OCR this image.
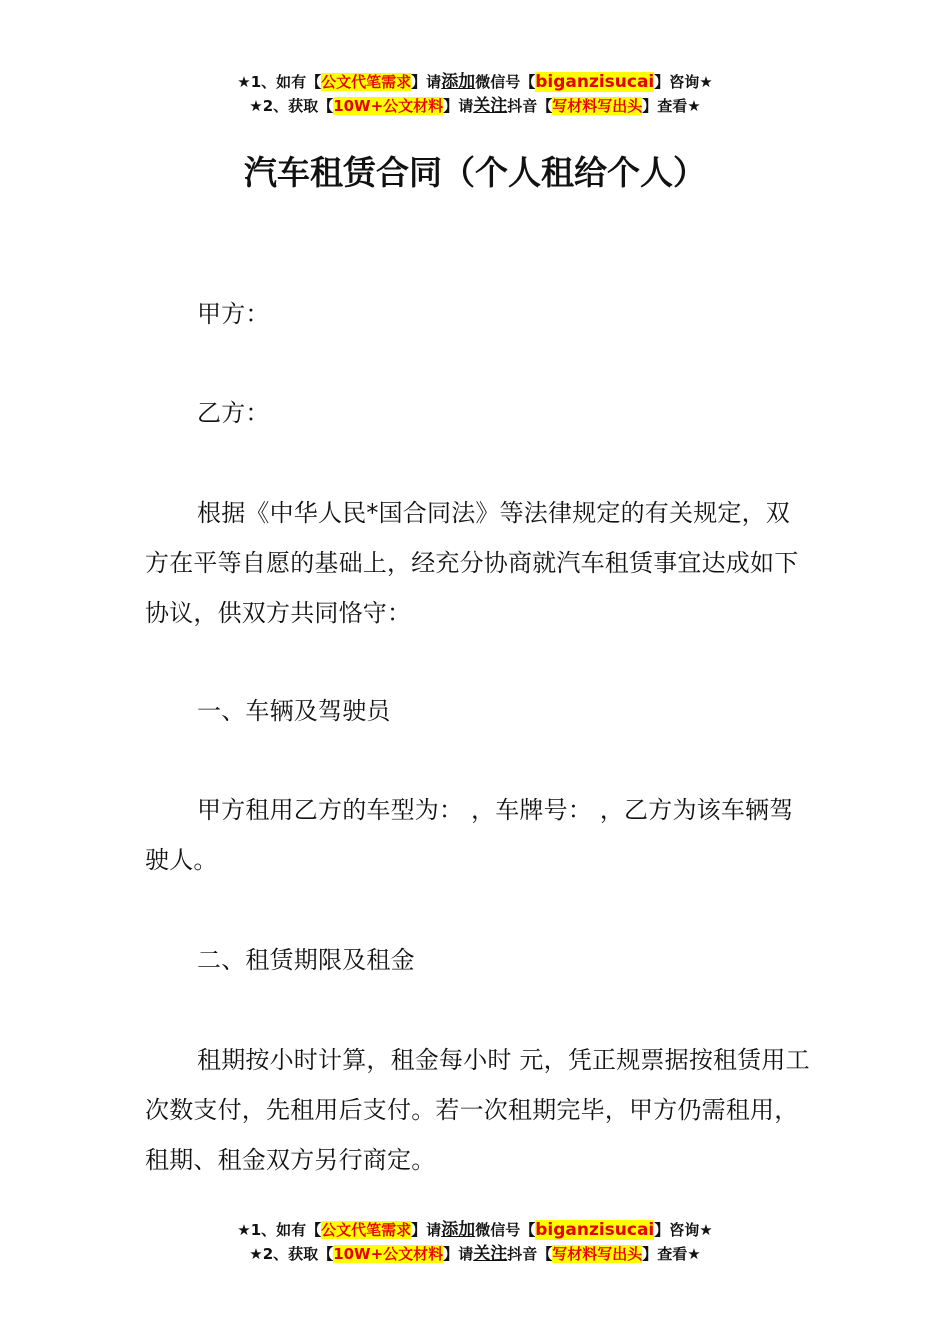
★1、如有【公文代笔需求】请添加微信号【biganzisucai】咨询★
★2、获取【10W+公文材料】请关注抖音【写材料写出头】查看★
汽车租赁合同（个人租给个人）

甲方：

乙方：

根据《中华人民*国合同法》等法律规定的有关规定，双方在平等自愿的基础上，经充分协商就汽车租赁事宜达成如下协议，供双方共同恪守：

一、车辆及驾驶员

甲方租用乙方的车型为： ，车牌号： ，乙方为该车辆驾驶人。

二、租赁期限及租金

租期按小时计算，租金每小时 元，凭正规票据按租赁用工次数支付，先租用后支付。若一次租期完毕，甲方仍需租用，租期、租金双方另行商定。

★1、如有【公文代笔需求】请添加微信号【biganzisucai】咨询★
★2、获取【10W+公文材料】请关注抖音【写材料写出头】查看★
